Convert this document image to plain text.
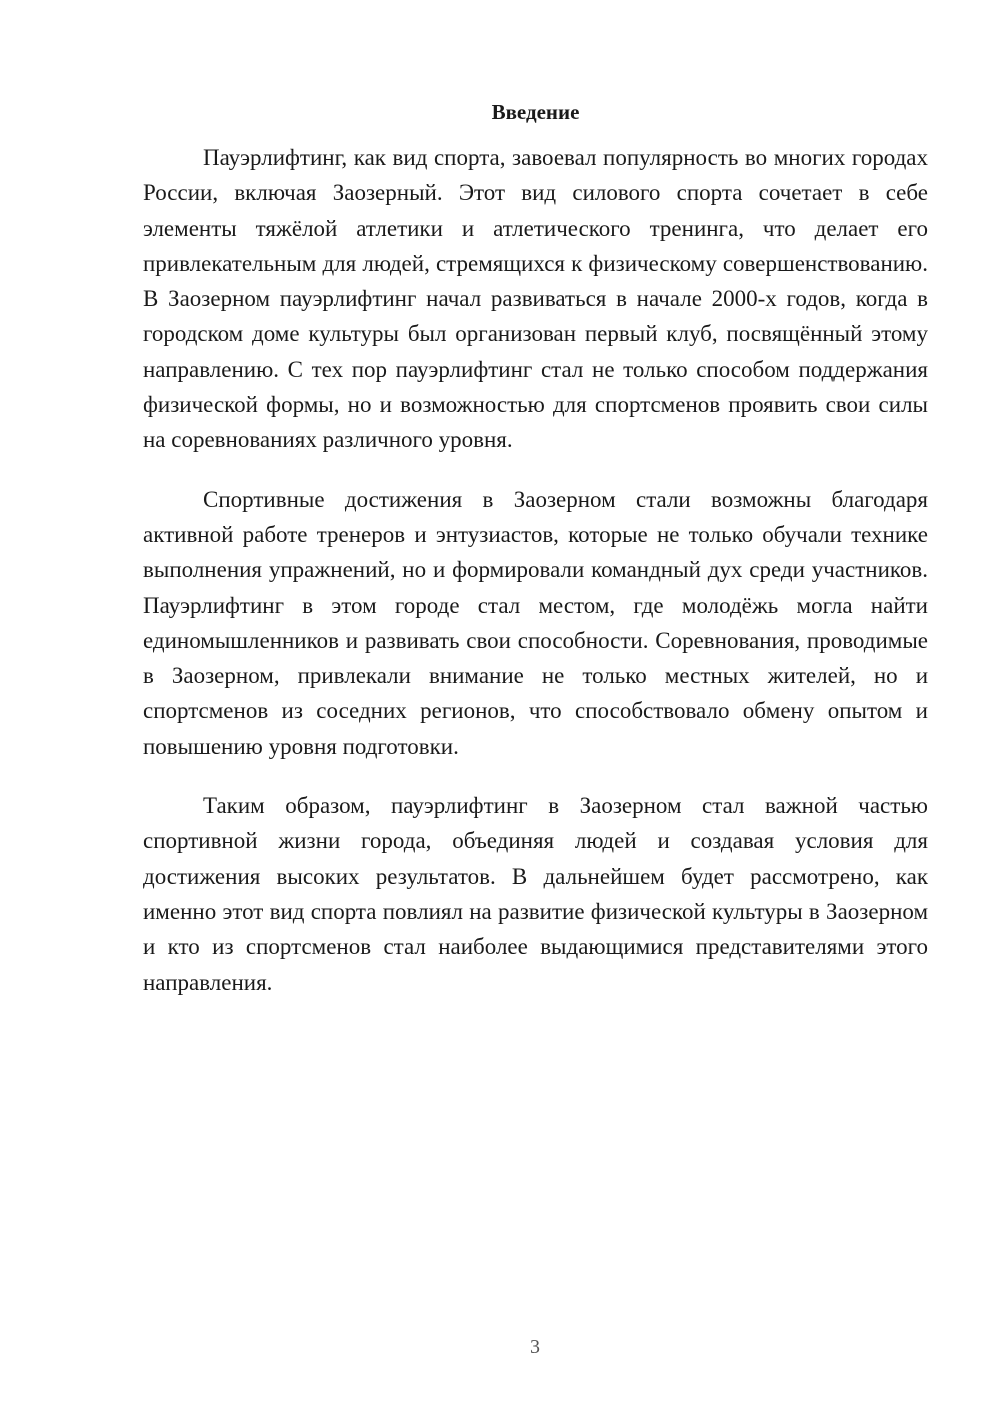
Введение

Пауэрлифтинг, как вид спорта, завоевал популярность во многих городах России, включая Заозерный. Этот вид силового спорта сочетает в себе элементы тяжёлой атлетики и атлетического тренинга, что делает его привлекательным для людей, стремящихся к физическому совершенствованию. В Заозерном пауэрлифтинг начал развиваться в начале 2000-х годов, когда в городском доме культуры был организован первый клуб, посвящённый этому направлению. С тех пор пауэрлифтинг стал не только способом поддержания физической формы, но и возможностью для спортсменов проявить свои силы на соревнованиях различного уровня.

Спортивные достижения в Заозерном стали возможны благодаря активной работе тренеров и энтузиастов, которые не только обучали технике выполнения упражнений, но и формировали командный дух среди участников. Пауэрлифтинг в этом городе стал местом, где молодёжь могла найти единомышленников и развивать свои способности. Соревнования, проводимые в Заозерном, привлекали внимание не только местных жителей, но и спортсменов из соседних регионов, что способствовало обмену опытом и повышению уровня подготовки.

Таким образом, пауэрлифтинг в Заозерном стал важной частью спортивной жизни города, объединяя людей и создавая условия для достижения высоких результатов. В дальнейшем будет рассмотрено, как именно этот вид спорта повлиял на развитие физической культуры в Заозерном и кто из спортсменов стал наиболее выдающимися представителями этого направления.

3
